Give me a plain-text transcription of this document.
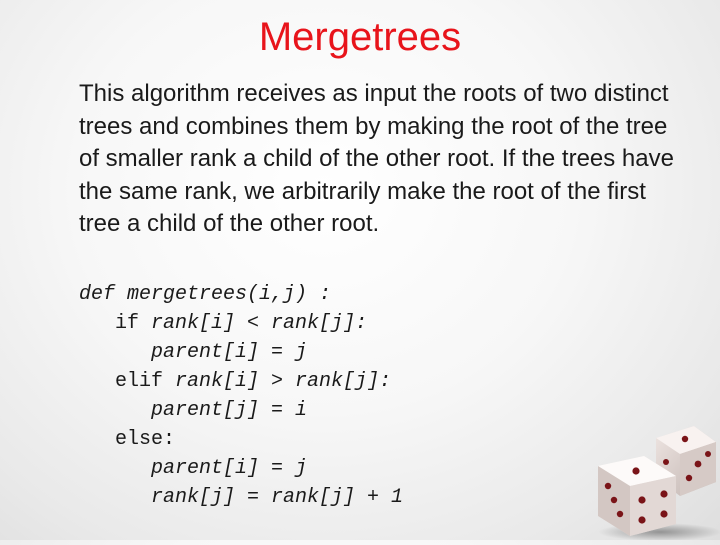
Mergetrees
This algorithm receives as input the roots of two distinct trees and combines them by making the root of the tree of smaller rank a child of the other root. If the trees have the same rank, we arbitrarily make the root of the first tree a child of the other root.
def mergetrees(i,j) :
if rank[i] < rank[j]:
parent[i] = j
elif rank[i] > rank[j]:
parent[j] = i
else:
parent[i] = j
rank[j] = rank[j] + 1
